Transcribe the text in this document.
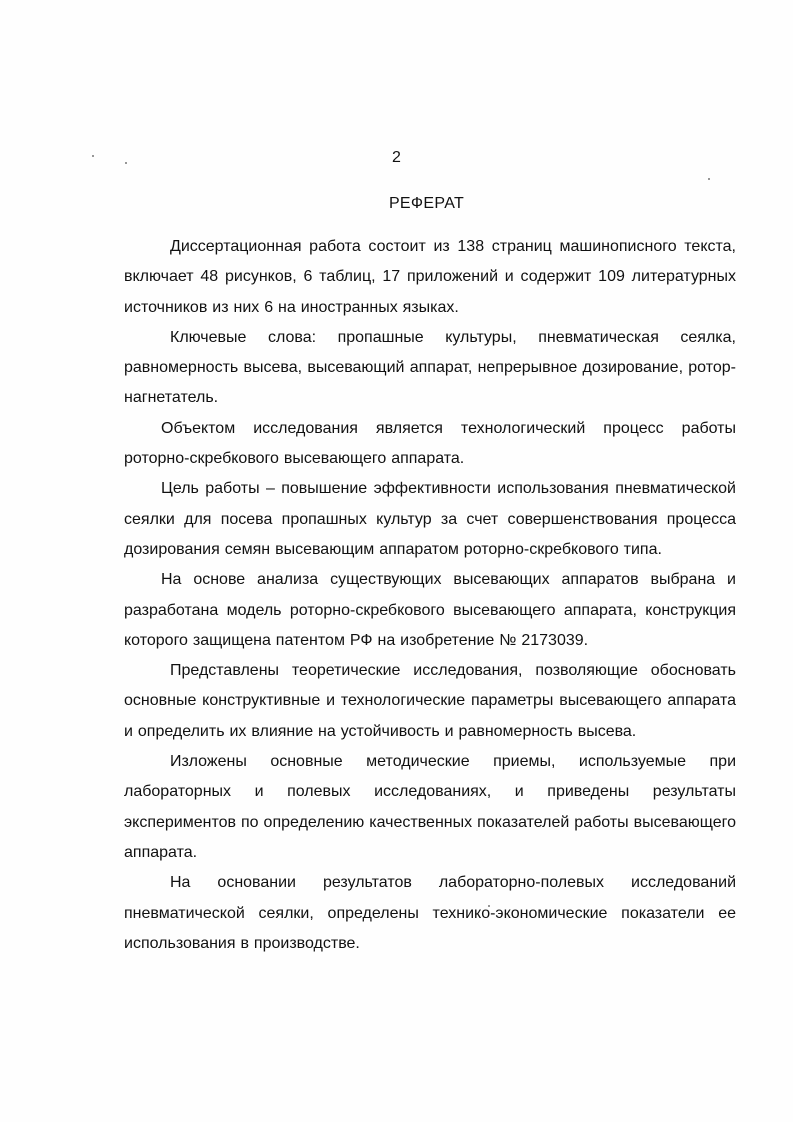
2
РЕФЕРАТ

Диссертационная работа состоит из 138 страниц машинописного текста, включает 48 рисунков, 6 таблиц, 17 приложений и содержит 109 литературных источников из них 6 на иностранных языках.

Ключевые слова: пропашные культуры, пневматическая сеялка, равномерность высева, высевающий аппарат, непрерывное дозирование, ротор-нагнетатель.

Объектом исследования является технологический процесс работы роторно-скребкового высевающего аппарата.

Цель работы – повышение эффективности использования пневматической сеялки для посева пропашных культур за счет совершенствования процесса дозирования семян высевающим аппаратом роторно-скребкового типа.

На основе анализа существующих высевающих аппаратов выбрана и разработана модель роторно-скребкового высевающего аппарата, конструкция которого защищена патентом РФ на изобретение № 2173039.

Представлены теоретические исследования, позволяющие обосновать основные конструктивные и технологические параметры высевающего аппарата и определить их влияние на устойчивость и равномерность высева.

Изложены основные методические приемы, используемые при лабораторных и полевых исследованиях, и приведены результаты экспериментов по определению качественных показателей работы высевающего аппарата.

На основании результатов лабораторно-полевых исследований пневматической сеялки, определены технико-экономические показатели ее использования в производстве.
